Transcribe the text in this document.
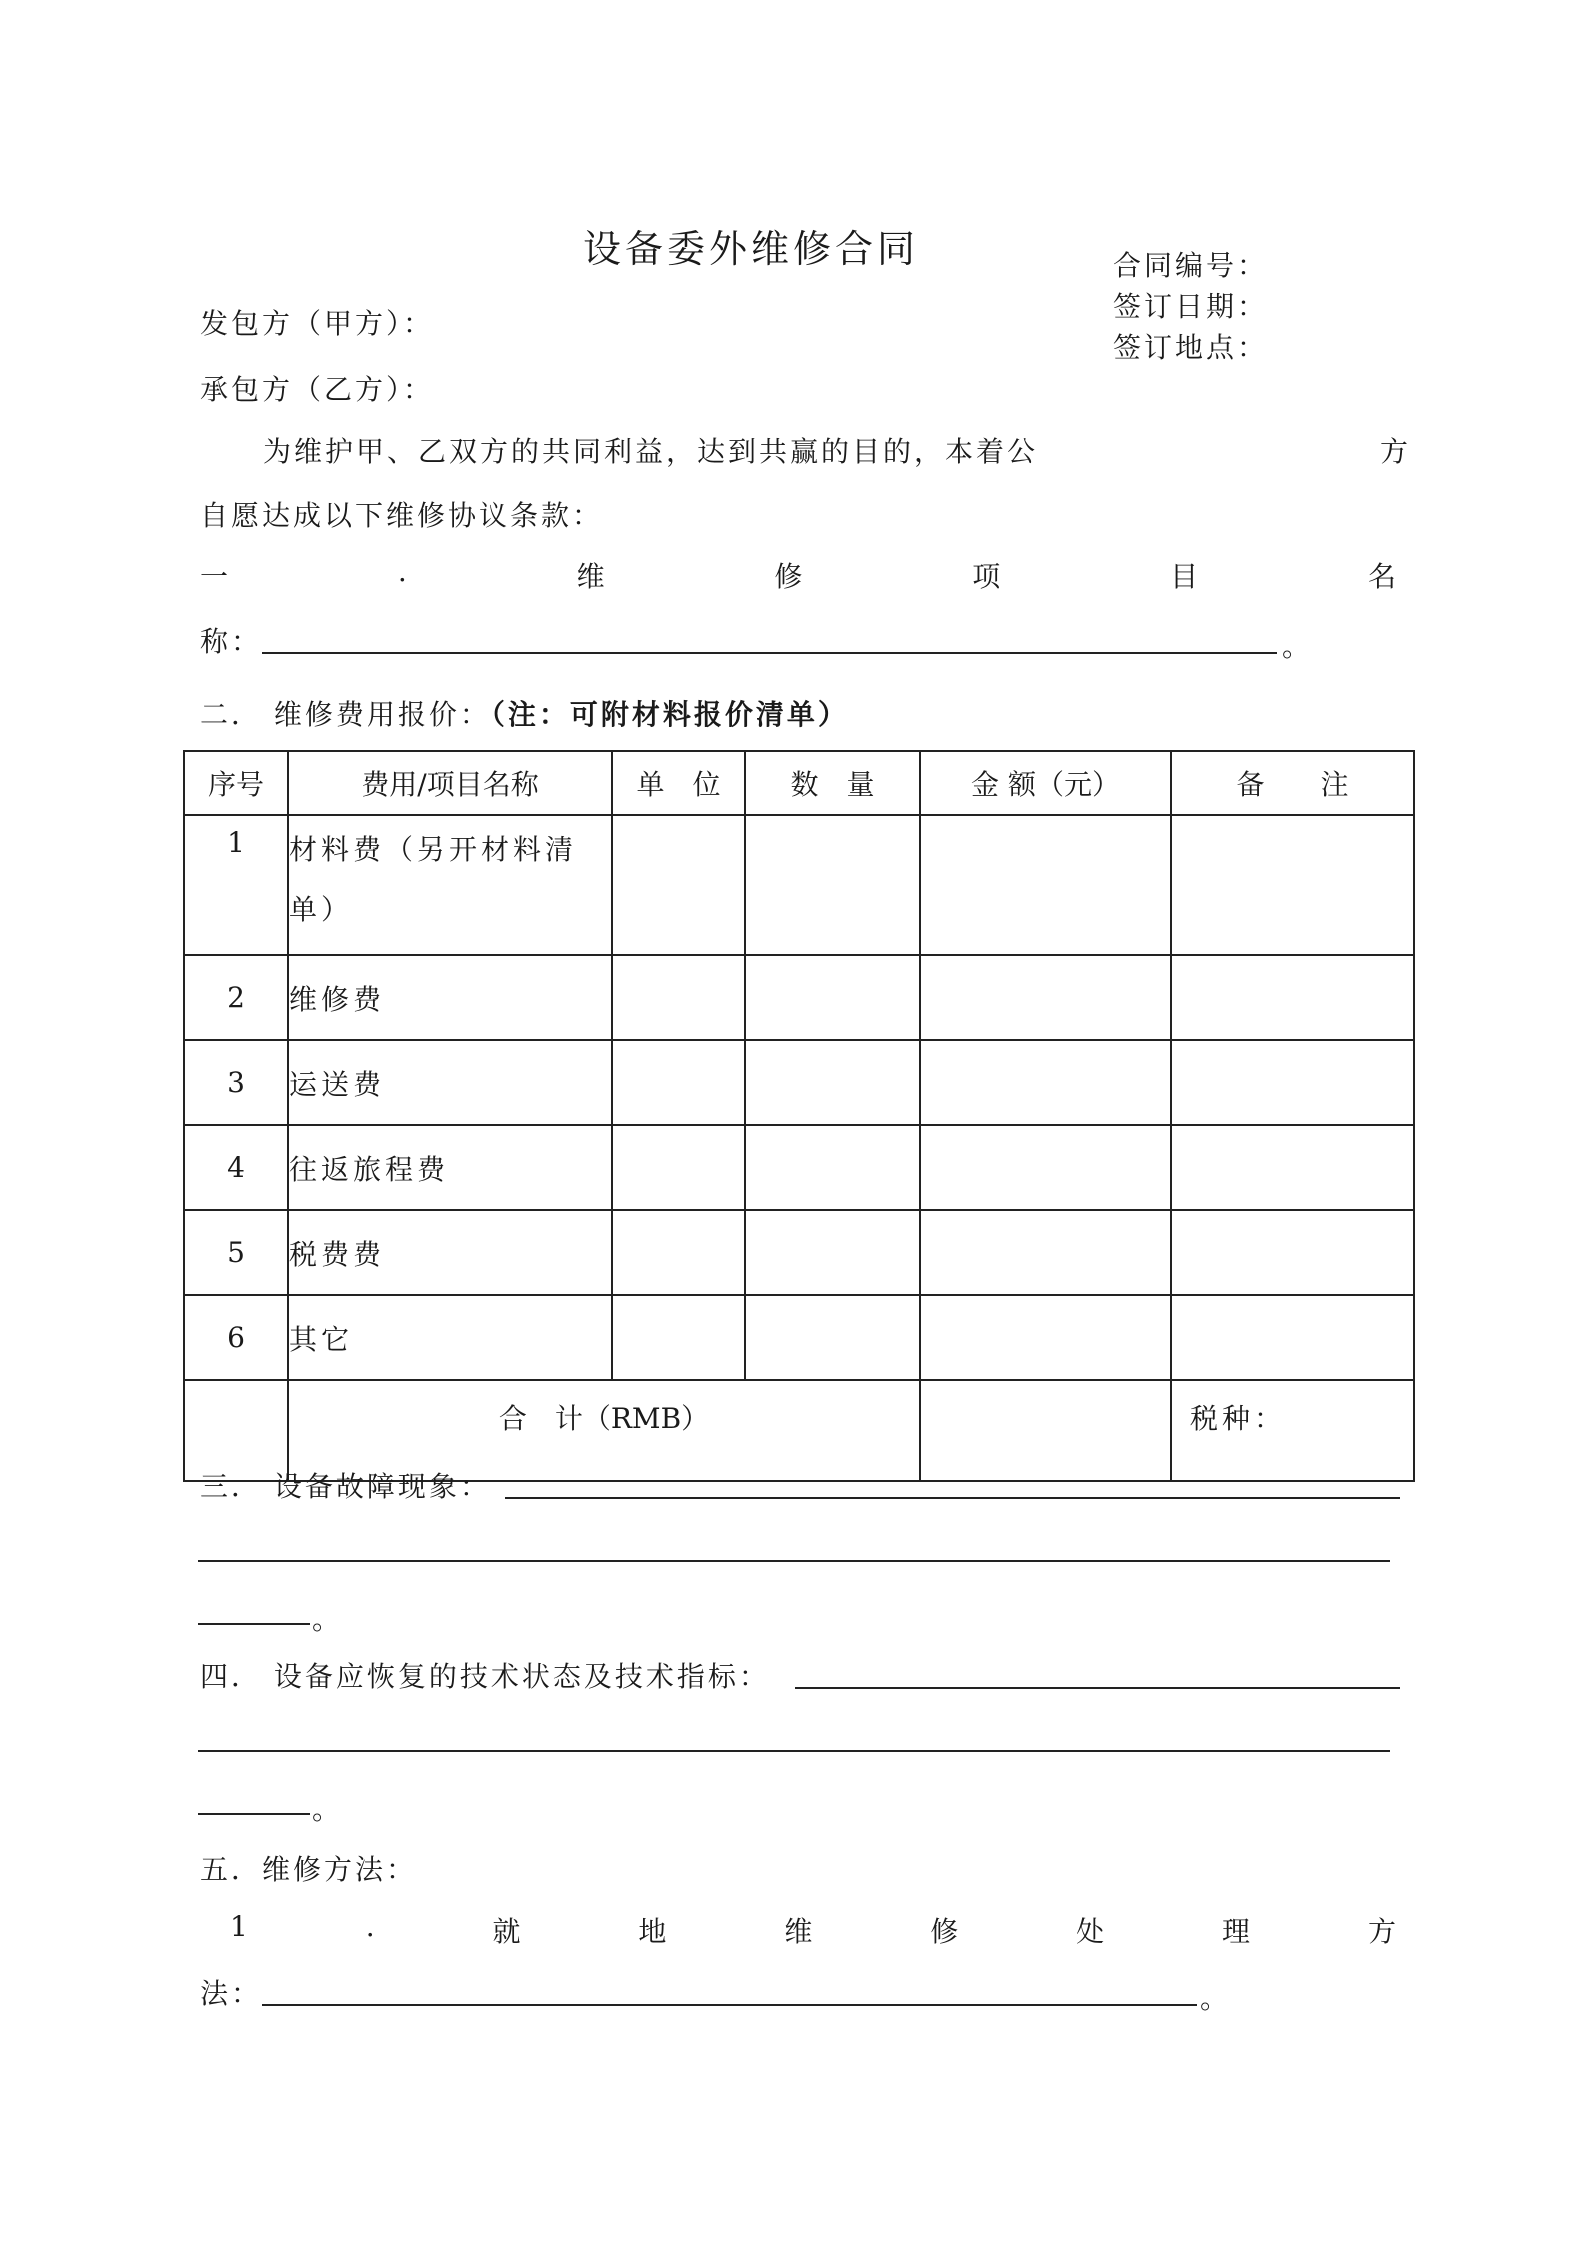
设备委外维修合同	合同编号：
签订日期：
签订地点：
发包方（甲方）：
承包方（乙方）：
为维护甲、乙双方的共同利益，达到共赢的目的，本着公	方
自愿达成以下维修协议条款：
一	.	维	修	项	目	名
称：	。
二． 维修费用报价：（注：可附材料报价清单）
序号	费用/项目名称	单　位	数　量	金 额（元）	备　　注
1	材料费（另开材料清
单）				

2	维修费				
3	运送费				
4	往返旅程费				
5	税费费				
6	其它				
	合　计（RMB）				税种：
三． 设备故障现象：
。
四． 设备应恢复的技术状态及技术指标：
。
五．维修方法：
1	.	就	地	维	修	处	理	方
法：	。
